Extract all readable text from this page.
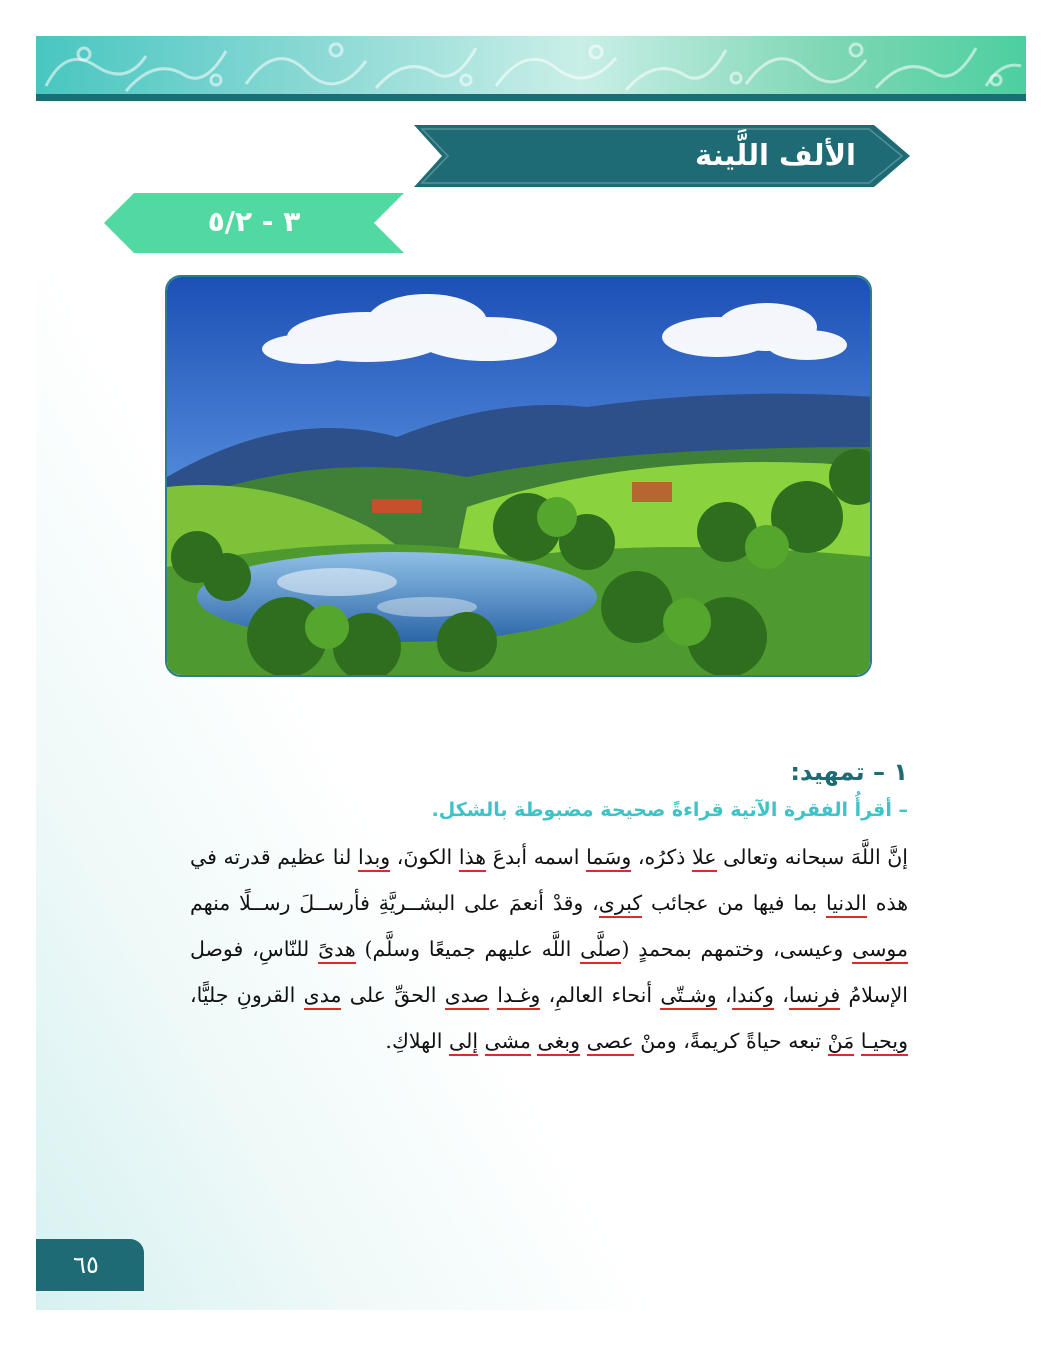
الألف اللَّينة
٣ - ٥/٢
١ – تمهيد:
– أقرأُ الفقرة الآتية قراءةً صحيحة مضبوطة بالشكل.
إنَّ اللَّهَ سبحانه وتعالى علا ذكرُه، وسَما اسمه أبدعَ هذا الكونَ، وبدا لنا عظيم قدرته في هذه الدنيا بما فيها من عجائب كبرى، وقدْ أنعمَ على البشــريَّةِ فأرســلَ رســلًا منهم موسى وعيسى، وختمهم بمحمدٍ (صلَّى اللَّه عليهم جميعًا وسلَّم) هدىً للنّاسِ، فوصل الإسلامُ فرنسا، وكندا، وشـتّى أنحاء العالمِ، وغـدا صدى الحقِّ على مدى القرونِ جليًّا، ويحيـا مَنْ تبعه حياةً كريمةً، ومنْ عصى وبغى مشى إلى الهلاكِ.
٦٥
